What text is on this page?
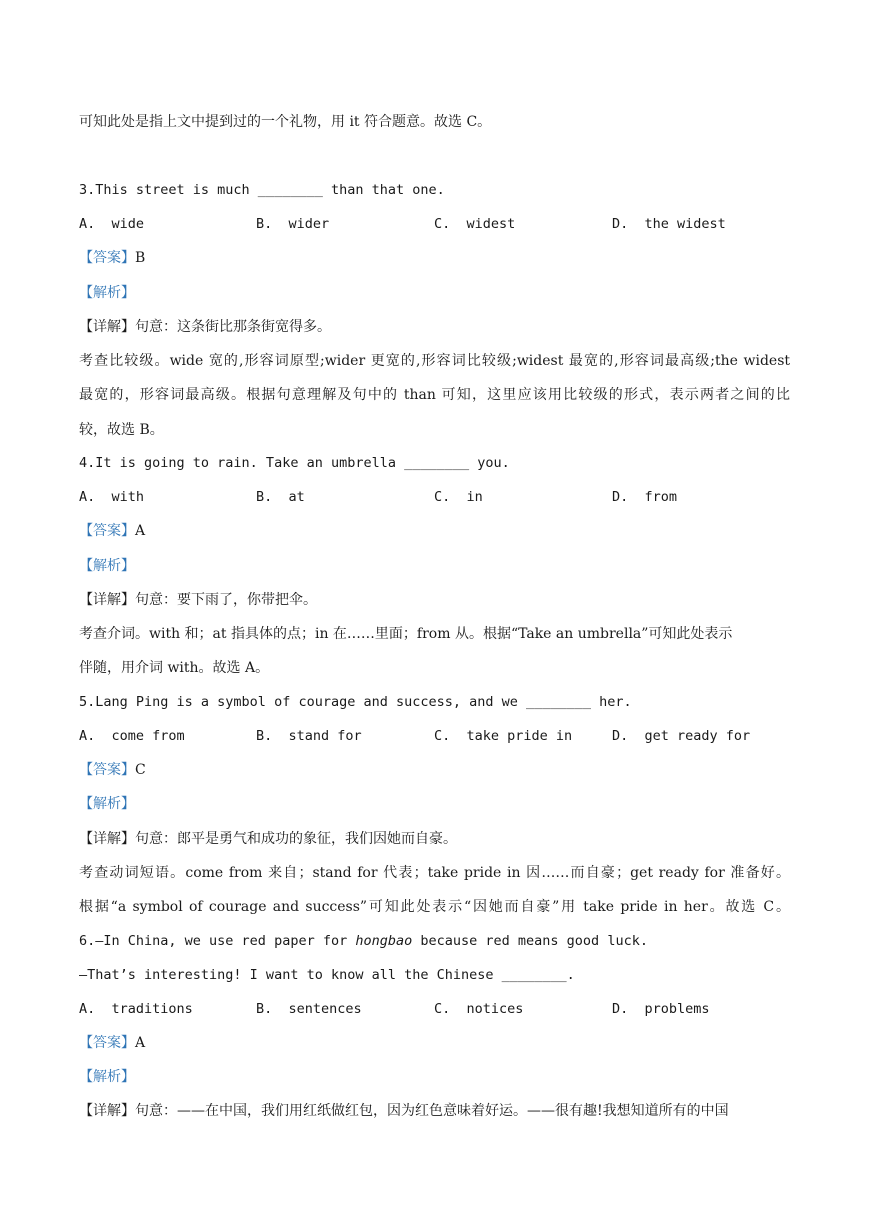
可知此处是指上文中提到过的一个礼物，用 it 符合题意。故选 C。
3.This street is much ________ than that one.

A.  wide

	B.  wider

	C.  widest

	D.  the widest

【答案】B
【解析】
【详解】句意：这条街比那条街宽得多。
考查比较级。wide 宽的,形容词原型;wider 更宽的,形容词比较级;widest 最宽的,形容词最高级;the widest
最宽的，形容词最高级。根据句意理解及句中的 than 可知，这里应该用比较级的形式，表示两者之间的比
较，故选 B。
4.It is going to rain. Take an umbrella ________ you.

A.  with

	B.  at

	C.  in

	D.  from

【答案】A
【解析】
【详解】句意：要下雨了，你带把伞。
考查介词。with 和；at 指具体的点；in 在……里面；from 从。根据“Take an umbrella”可知此处表示
伴随，用介词 with。故选 A。
5.Lang Ping is a symbol of courage and success, and we ________ her.

A.  come from

	B.  stand for

	C.  take pride in

	D.  get ready for

【答案】C
【解析】
【详解】句意：郎平是勇气和成功的象征，我们因她而自豪。
考查动词短语。come from 来自；stand for 代表；take pride in 因……而自豪；get ready for 准备好。
根据“a symbol of courage and success”可知此处表示“因她而自豪”用 take pride in her。故选 C。
6.—In China, we use red paper for hongbao because red means good luck.
—That’s interesting! I want to know all the Chinese ________.

A.  traditions

	B.  sentences

	C.  notices

	D.  problems

【答案】A
【解析】
【详解】句意：——在中国，我们用红纸做红包，因为红色意味着好运。——很有趣!我想知道所有的中国
